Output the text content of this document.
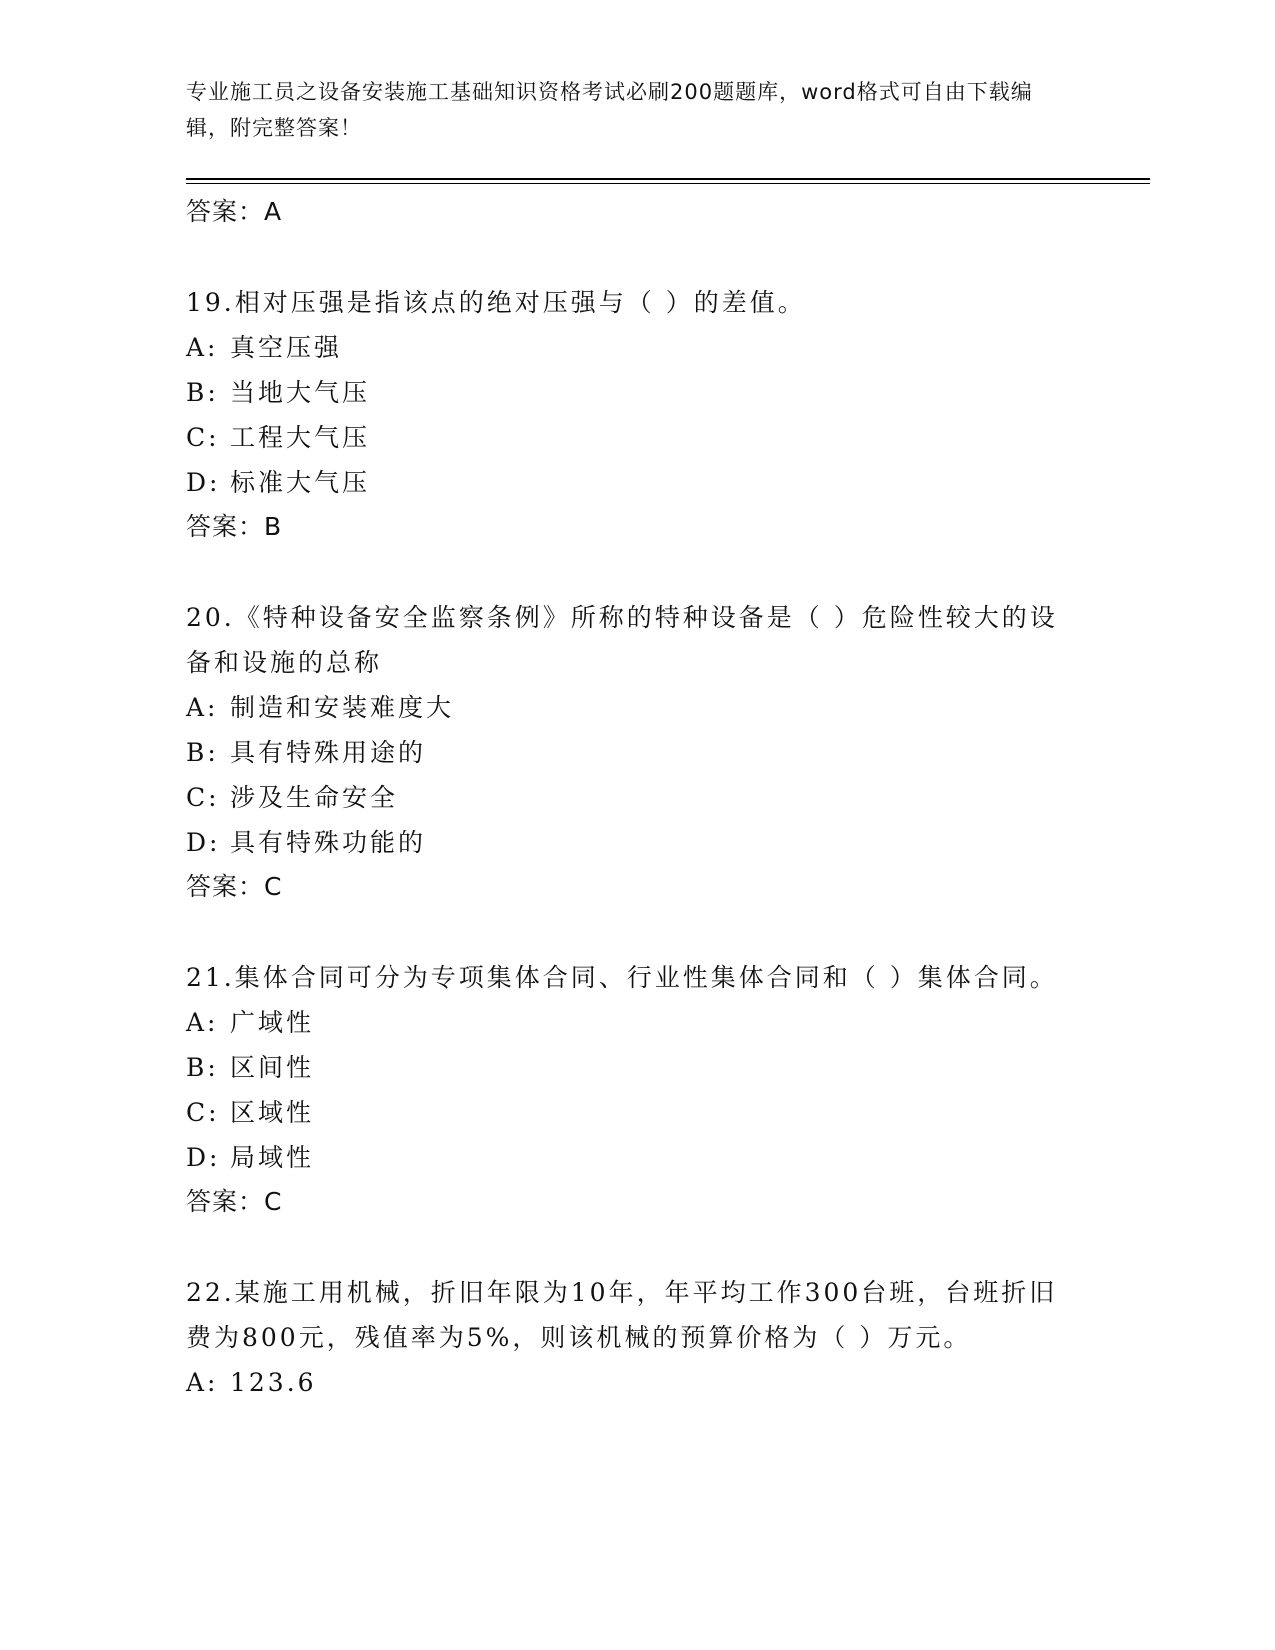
专业施工员之设备安装施工基础知识资格考试必刷200题题库，word格式可自由下载编辑，附完整答案！
答案：A
19.相对压强是指该点的绝对压强与（ ）的差值。
A: 真空压强
B: 当地大气压
C: 工程大气压
D: 标准大气压
答案：B
20.《特种设备安全监察条例》所称的特种设备是（ ）危险性较大的设备和设施的总称
A: 制造和安装难度大
B: 具有特殊用途的
C: 涉及生命安全
D: 具有特殊功能的
答案：C
21.集体合同可分为专项集体合同、行业性集体合同和（ ）集体合同。
A: 广域性
B: 区间性
C: 区域性
D: 局域性
答案：C
22.某施工用机械，折旧年限为10年，年平均工作300台班，台班折旧费为800元，残值率为5%，则该机械的预算价格为（ ）万元。
A: 123.6
